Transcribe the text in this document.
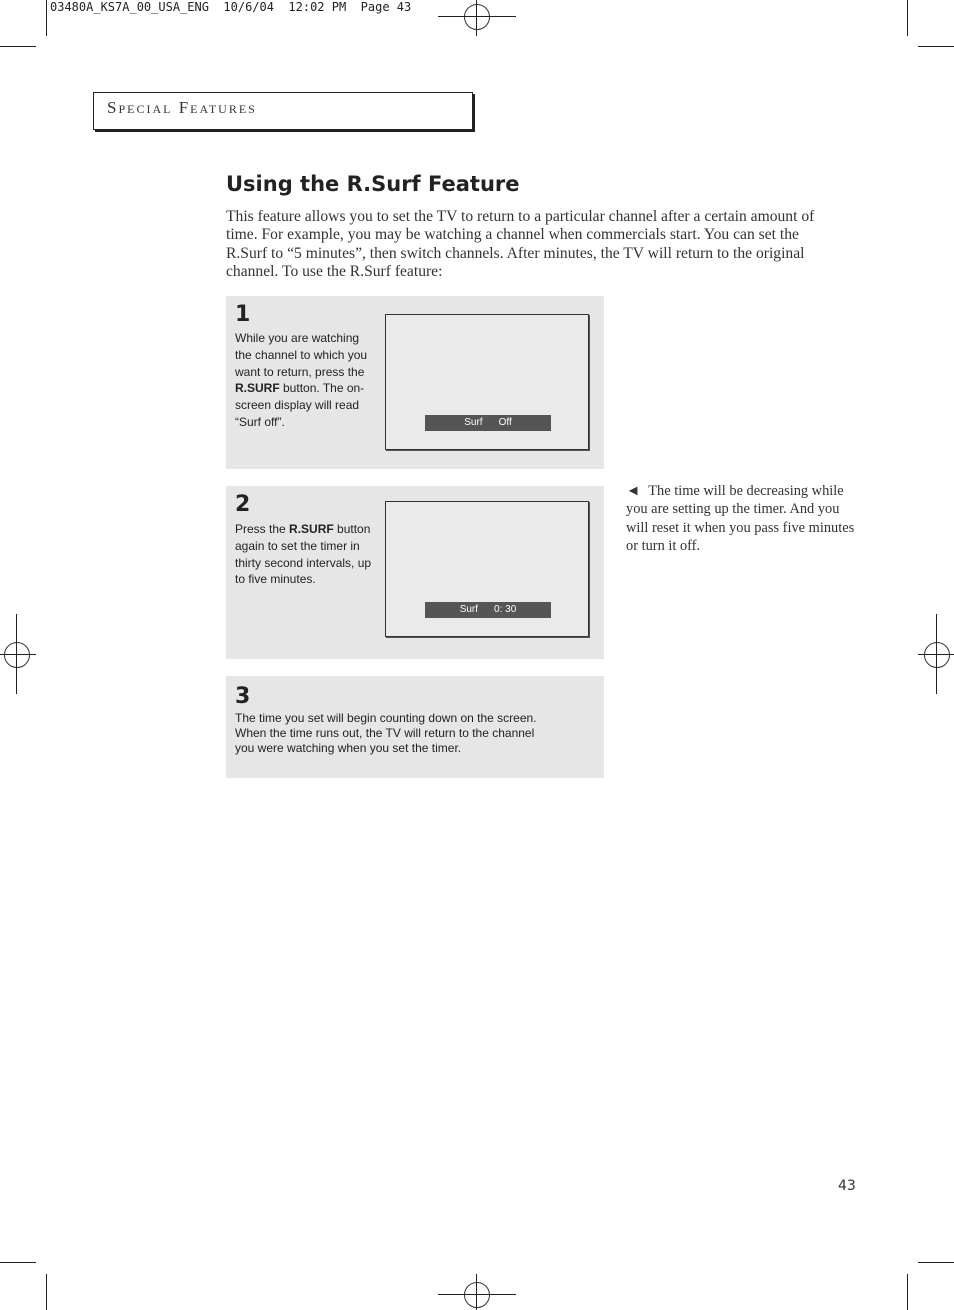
03480A_KS7A_00_USA_ENG  10/6/04  12:02 PM  Page 43
Special Features
Using the R.Surf Feature

This feature allows you to set the TV to return to a particular channel after a certain amount of time. For example, you may be watching a channel when commercials start. You can set the R.Surf to “5 minutes”, then switch channels. After minutes, the TV will return to the original channel. To use the R.Surf feature:

1
While you are watching the channel to which you want to return, press the R.SURF button. The on-screen display will read “Surf off”.	Surf Off
2
Press the R.SURF button again to set the timer in thirty second intervals, up to five minutes.
Surf 0: 30
3
The time you set will begin counting down on the screen. When the time runs out, the TV will return to the channel you were watching when you set the timer.

◄ The time will be decreasing while you are setting up the timer. And you will reset it when you pass five minutes or turn it off.

43
